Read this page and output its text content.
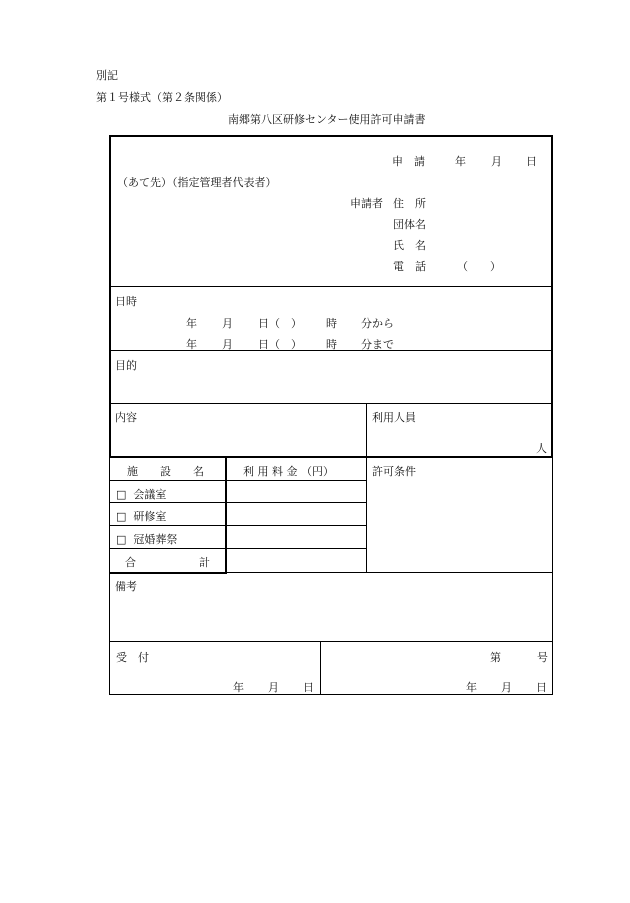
別記
第１号様式（第２条関係）
南郷第八区研修センター使用許可申請書
申　請	年 月 日
（あて先）（指定管理者代表者）
申請者 住　所
団体名
氏　名
電　話	（　　）
日時
年 月 日（　） 時 分から
年 月 日（　） 時 分まで
目的
内容	利用人員
人
施　　設　　名	利 用 料 金 （円）	許可条件
□ 会議室
□ 研修室
□ 冠婚葬祭
合	計
備考
受　付	第	号
年 月 日	年 月 日
